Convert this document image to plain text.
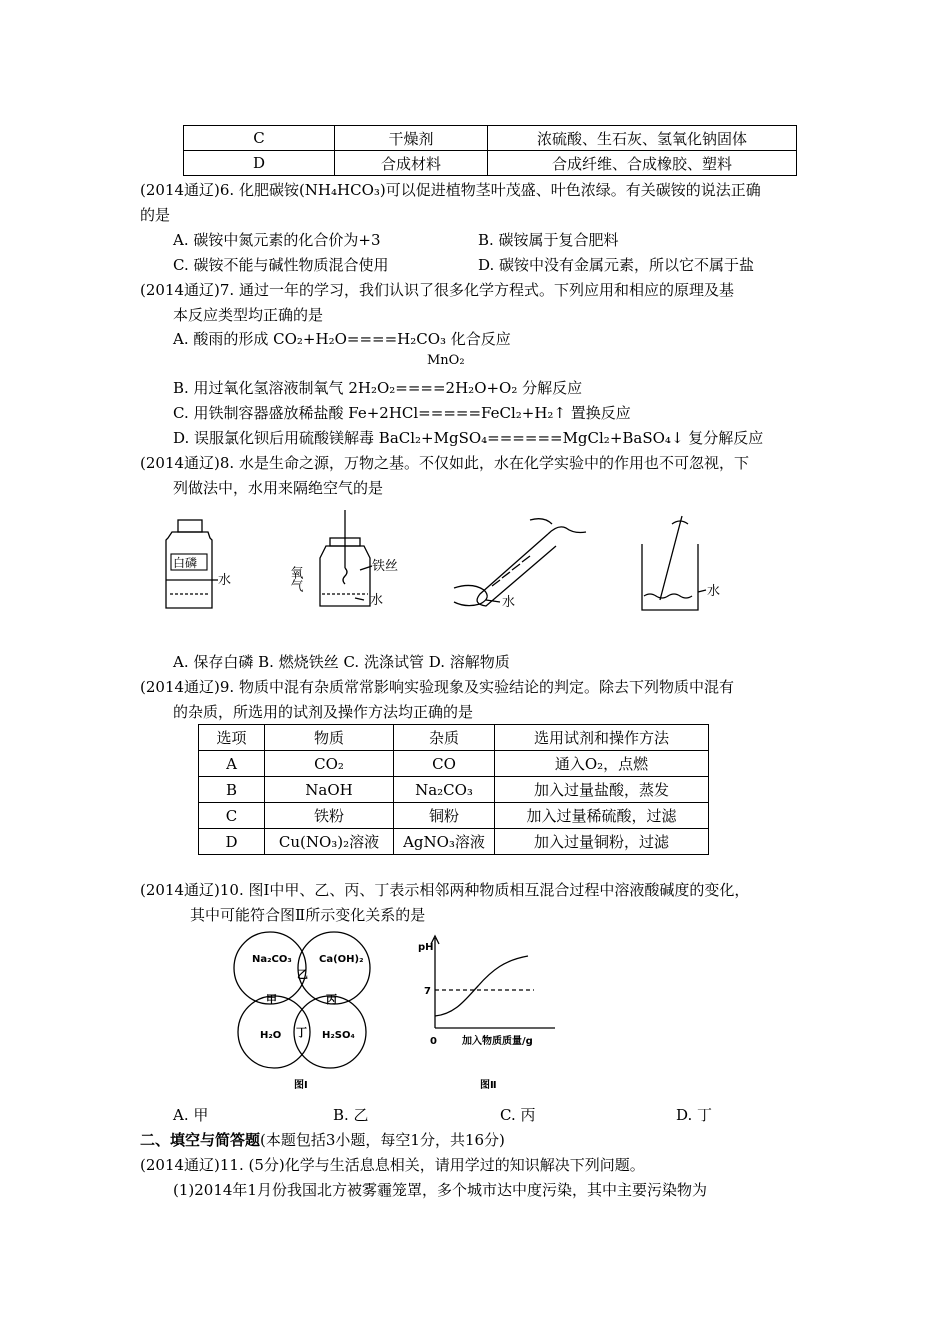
C	干燥剂	浓硫酸、生石灰、氢氧化钠固体
D	合成材料	合成纤维、合成橡胶、塑料
(2014通辽)6. 化肥碳铵(NH₄HCO₃)可以促进植物茎叶茂盛、叶色浓绿。有关碳铵的说法正确
的是
A. 碳铵中氮元素的化合价为+3	B. 碳铵属于复合肥料
C. 碳铵不能与碱性物质混合使用	D. 碳铵中没有金属元素，所以它不属于盐
(2014通辽)7. 通过一年的学习，我们认识了很多化学方程式。下列应用和相应的原理及基
本反应类型均正确的是
A. 酸雨的形成 CO₂+H₂O====H₂CO₃ 化合反应
MnO₂
B. 用过氧化氢溶液制氧气 2H₂O₂====2H₂O+O₂ 分解反应
C. 用铁制容器盛放稀盐酸 Fe+2HCl=====FeCl₂+H₂↑ 置换反应
D. 误服氯化钡后用硫酸镁解毒 BaCl₂+MgSO₄======MgCl₂+BaSO₄↓ 复分解反应
(2014通辽)8. 水是生命之源，万物之基。不仅如此，水在化学实验中的作用也不可忽视，下
列做法中，水用来隔绝空气的是
白磷
水	氧气	铁丝
水	水
水
A. 保存白磷 B. 燃烧铁丝 C. 洗涤试管 D. 溶解物质
(2014通辽)9. 物质中混有杂质常常影响实验现象及实验结论的判定。除去下列物质中混有
的杂质，所选用的试剂及操作方法均正确的是
选项	物质	杂质	选用试剂和操作方法
A	CO₂	CO	通入O₂，点燃
B	NaOH	Na₂CO₃	加入过量盐酸，蒸发
C	铁粉	铜粉	加入过量稀硫酸，过滤
D	Cu(NO₃)₂溶液	AgNO₃溶液	加入过量铜粉，过滤
(2014通辽)10. 图Ⅰ中甲、乙、丙、丁表示相邻两种物质相互混合过程中溶液酸碱度的变化，
其中可能符合图Ⅱ所示变化关系的是
Na₂CO₃	Ca(OH)₂
H₂O	H₂SO₄
乙
甲	丙
丁
图Ⅰ
pH
7
0	加入物质质量/g
图Ⅱ
A. 甲	B. 乙	C. 丙	D. 丁
二、填空与简答题(本题包括3小题，每空1分，共16分)
(2014通辽)11. (5分)化学与生活息息相关，请用学过的知识解决下列问题。
(1)2014年1月份我国北方被雾霾笼罩，多个城市达中度污染，其中主要污染物为
